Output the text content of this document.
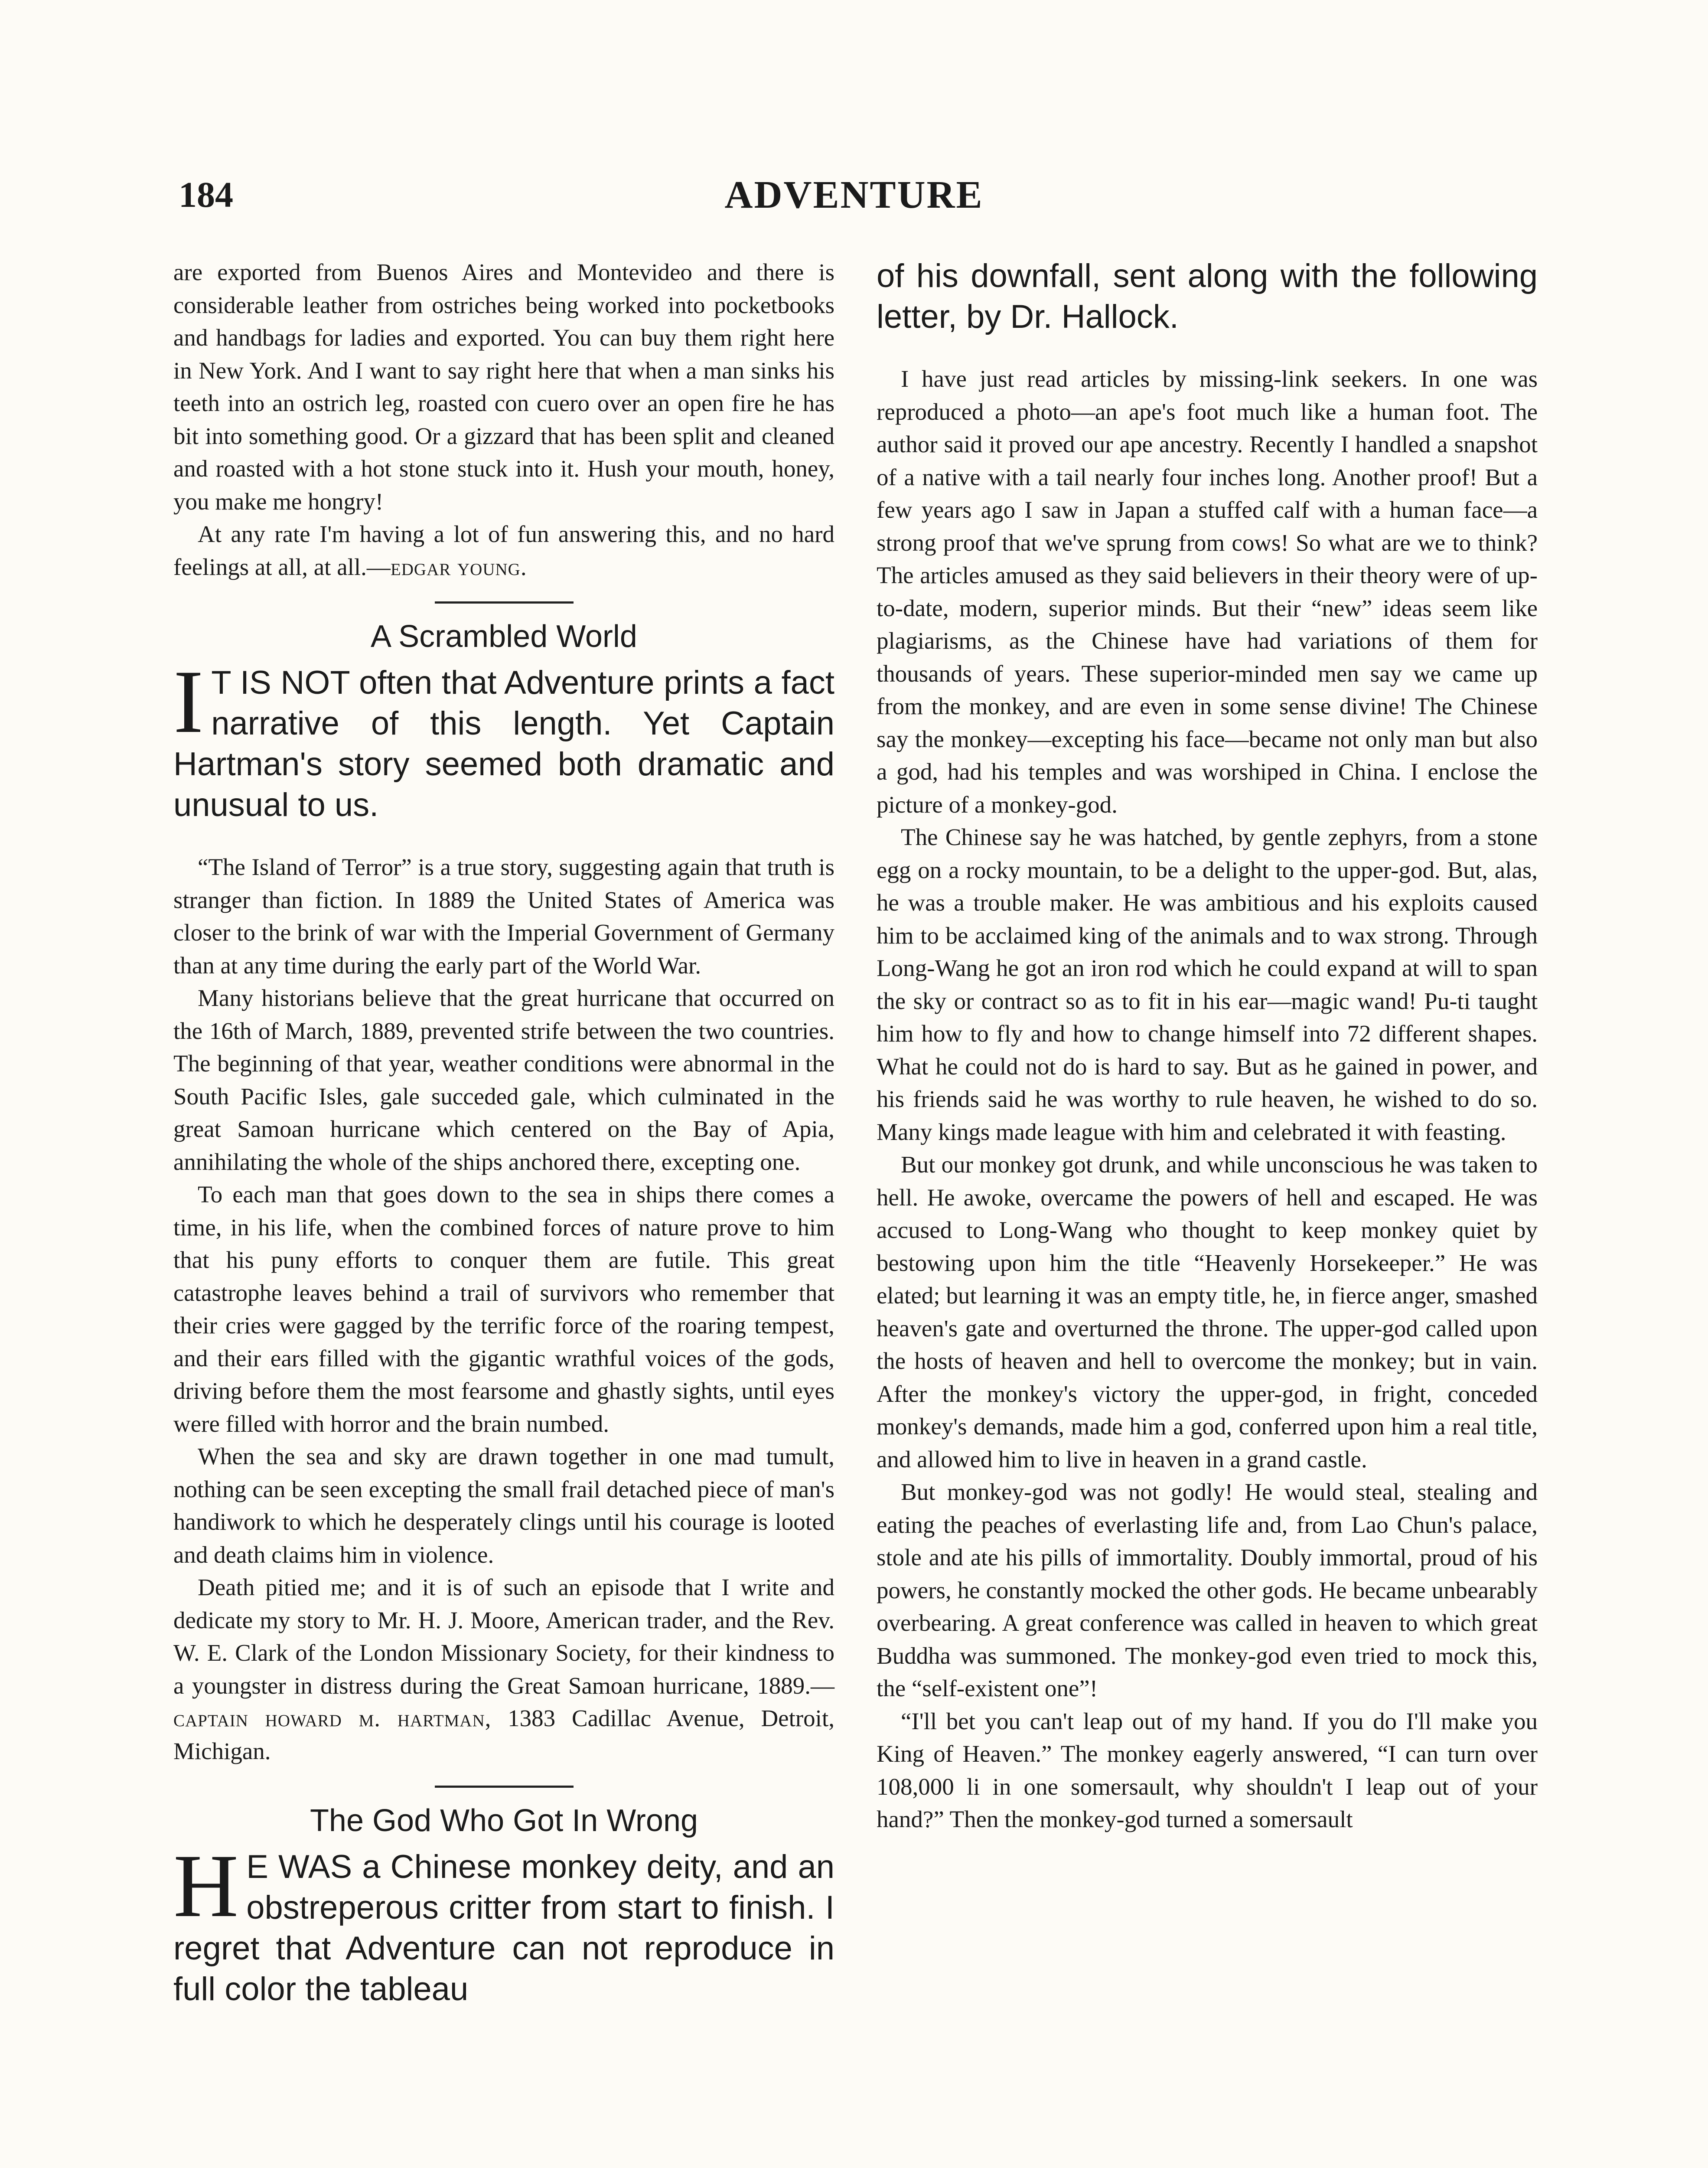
184	ADVENTURE

are exported from Buenos Aires and Montevideo and there is considerable leather from ostriches being worked into pocketbooks and handbags for ladies and exported. You can buy them right here in New York. And I want to say right here that when a man sinks his teeth into an ostrich leg, roasted con cuero over an open fire he has bit into something good. Or a gizzard that has been split and cleaned and roasted with a hot stone stuck into it. Hush your mouth, honey, you make me hongry!

At any rate I'm having a lot of fun answering this, and no hard feelings at all, at all.—edgar young.

A Scrambled World
I T IS NOT often that Adventure prints a fact narrative of this length. Yet Captain Hartman's story seemed both dramatic and unusual to us.

“The Island of Terror” is a true story, suggesting again that truth is stranger than fiction. In 1889 the United States of America was closer to the brink of war with the Imperial Government of Germany than at any time during the early part of the World War.

Many historians believe that the great hurricane that occurred on the 16th of March, 1889, prevented strife between the two countries. The beginning of that year, weather conditions were abnormal in the South Pacific Isles, gale succeded gale, which culminated in the great Samoan hurricane which centered on the Bay of Apia, annihilating the whole of the ships anchored there, excepting one.

To each man that goes down to the sea in ships there comes a time, in his life, when the combined forces of nature prove to him that his puny efforts to conquer them are futile. This great catastrophe leaves behind a trail of survivors who remember that their cries were gagged by the terrific force of the roaring tempest, and their ears filled with the gigantic wrathful voices of the gods, driving before them the most fearsome and ghastly sights, until eyes were filled with horror and the brain numbed.

When the sea and sky are drawn together in one mad tumult, nothing can be seen excepting the small frail detached piece of man's handiwork to which he desperately clings until his courage is looted and death claims him in violence.

Death pitied me; and it is of such an episode that I write and dedicate my story to Mr. H. J. Moore, American trader, and the Rev. W. E. Clark of the London Missionary Society, for their kindness to a youngster in distress during the Great Samoan hurricane, 1889.—captain howard m. hartman, 1383 Cadillac Avenue, Detroit, Michigan.

The God Who Got In Wrong
H E WAS a Chinese monkey deity, and an obstreperous critter from start to finish. I regret that Adventure can not reproduce in full color the tableau
of his downfall, sent along with the following letter, by Dr. Hallock.

I have just read articles by missing-link seekers. In one was reproduced a photo—an ape's foot much like a human foot. The author said it proved our ape ancestry. Recently I handled a snapshot of a native with a tail nearly four inches long. Another proof! But a few years ago I saw in Japan a stuffed calf with a human face—a strong proof that we've sprung from cows! So what are we to think? The articles amused as they said believers in their theory were of up-to-date, modern, superior minds. But their “new” ideas seem like plagiarisms, as the Chinese have had variations of them for thousands of years. These superior-minded men say we came up from the monkey, and are even in some sense divine! The Chinese say the monkey—excepting his face—became not only man but also a god, had his temples and was worshiped in China. I enclose the picture of a monkey-god.

The Chinese say he was hatched, by gentle zephyrs, from a stone egg on a rocky mountain, to be a delight to the upper-god. But, alas, he was a trouble maker. He was ambitious and his exploits caused him to be acclaimed king of the animals and to wax strong. Through Long-Wang he got an iron rod which he could expand at will to span the sky or contract so as to fit in his ear—magic wand! Pu-ti taught him how to fly and how to change himself into 72 different shapes. What he could not do is hard to say. But as he gained in power, and his friends said he was worthy to rule heaven, he wished to do so. Many kings made league with him and celebrated it with feasting.

But our monkey got drunk, and while unconscious he was taken to hell. He awoke, overcame the powers of hell and escaped. He was accused to Long-Wang who thought to keep monkey quiet by bestowing upon him the title “Heavenly Horsekeeper.” He was elated; but learning it was an empty title, he, in fierce anger, smashed heaven's gate and overturned the throne. The upper-god called upon the hosts of heaven and hell to overcome the monkey; but in vain. After the monkey's victory the upper-god, in fright, conceded monkey's demands, made him a god, conferred upon him a real title, and allowed him to live in heaven in a grand castle.

But monkey-god was not godly! He would steal, stealing and eating the peaches of everlasting life and, from Lao Chun's palace, stole and ate his pills of immortality. Doubly immortal, proud of his powers, he constantly mocked the other gods. He became unbearably overbearing. A great conference was called in heaven to which great Buddha was summoned. The monkey-god even tried to mock this, the “self-existent one”!

“I'll bet you can't leap out of my hand. If you do I'll make you King of Heaven.” The monkey eagerly answered, “I can turn over 108,000 li in one somersault, why shouldn't I leap out of your hand?” Then the monkey-god turned a somersault
